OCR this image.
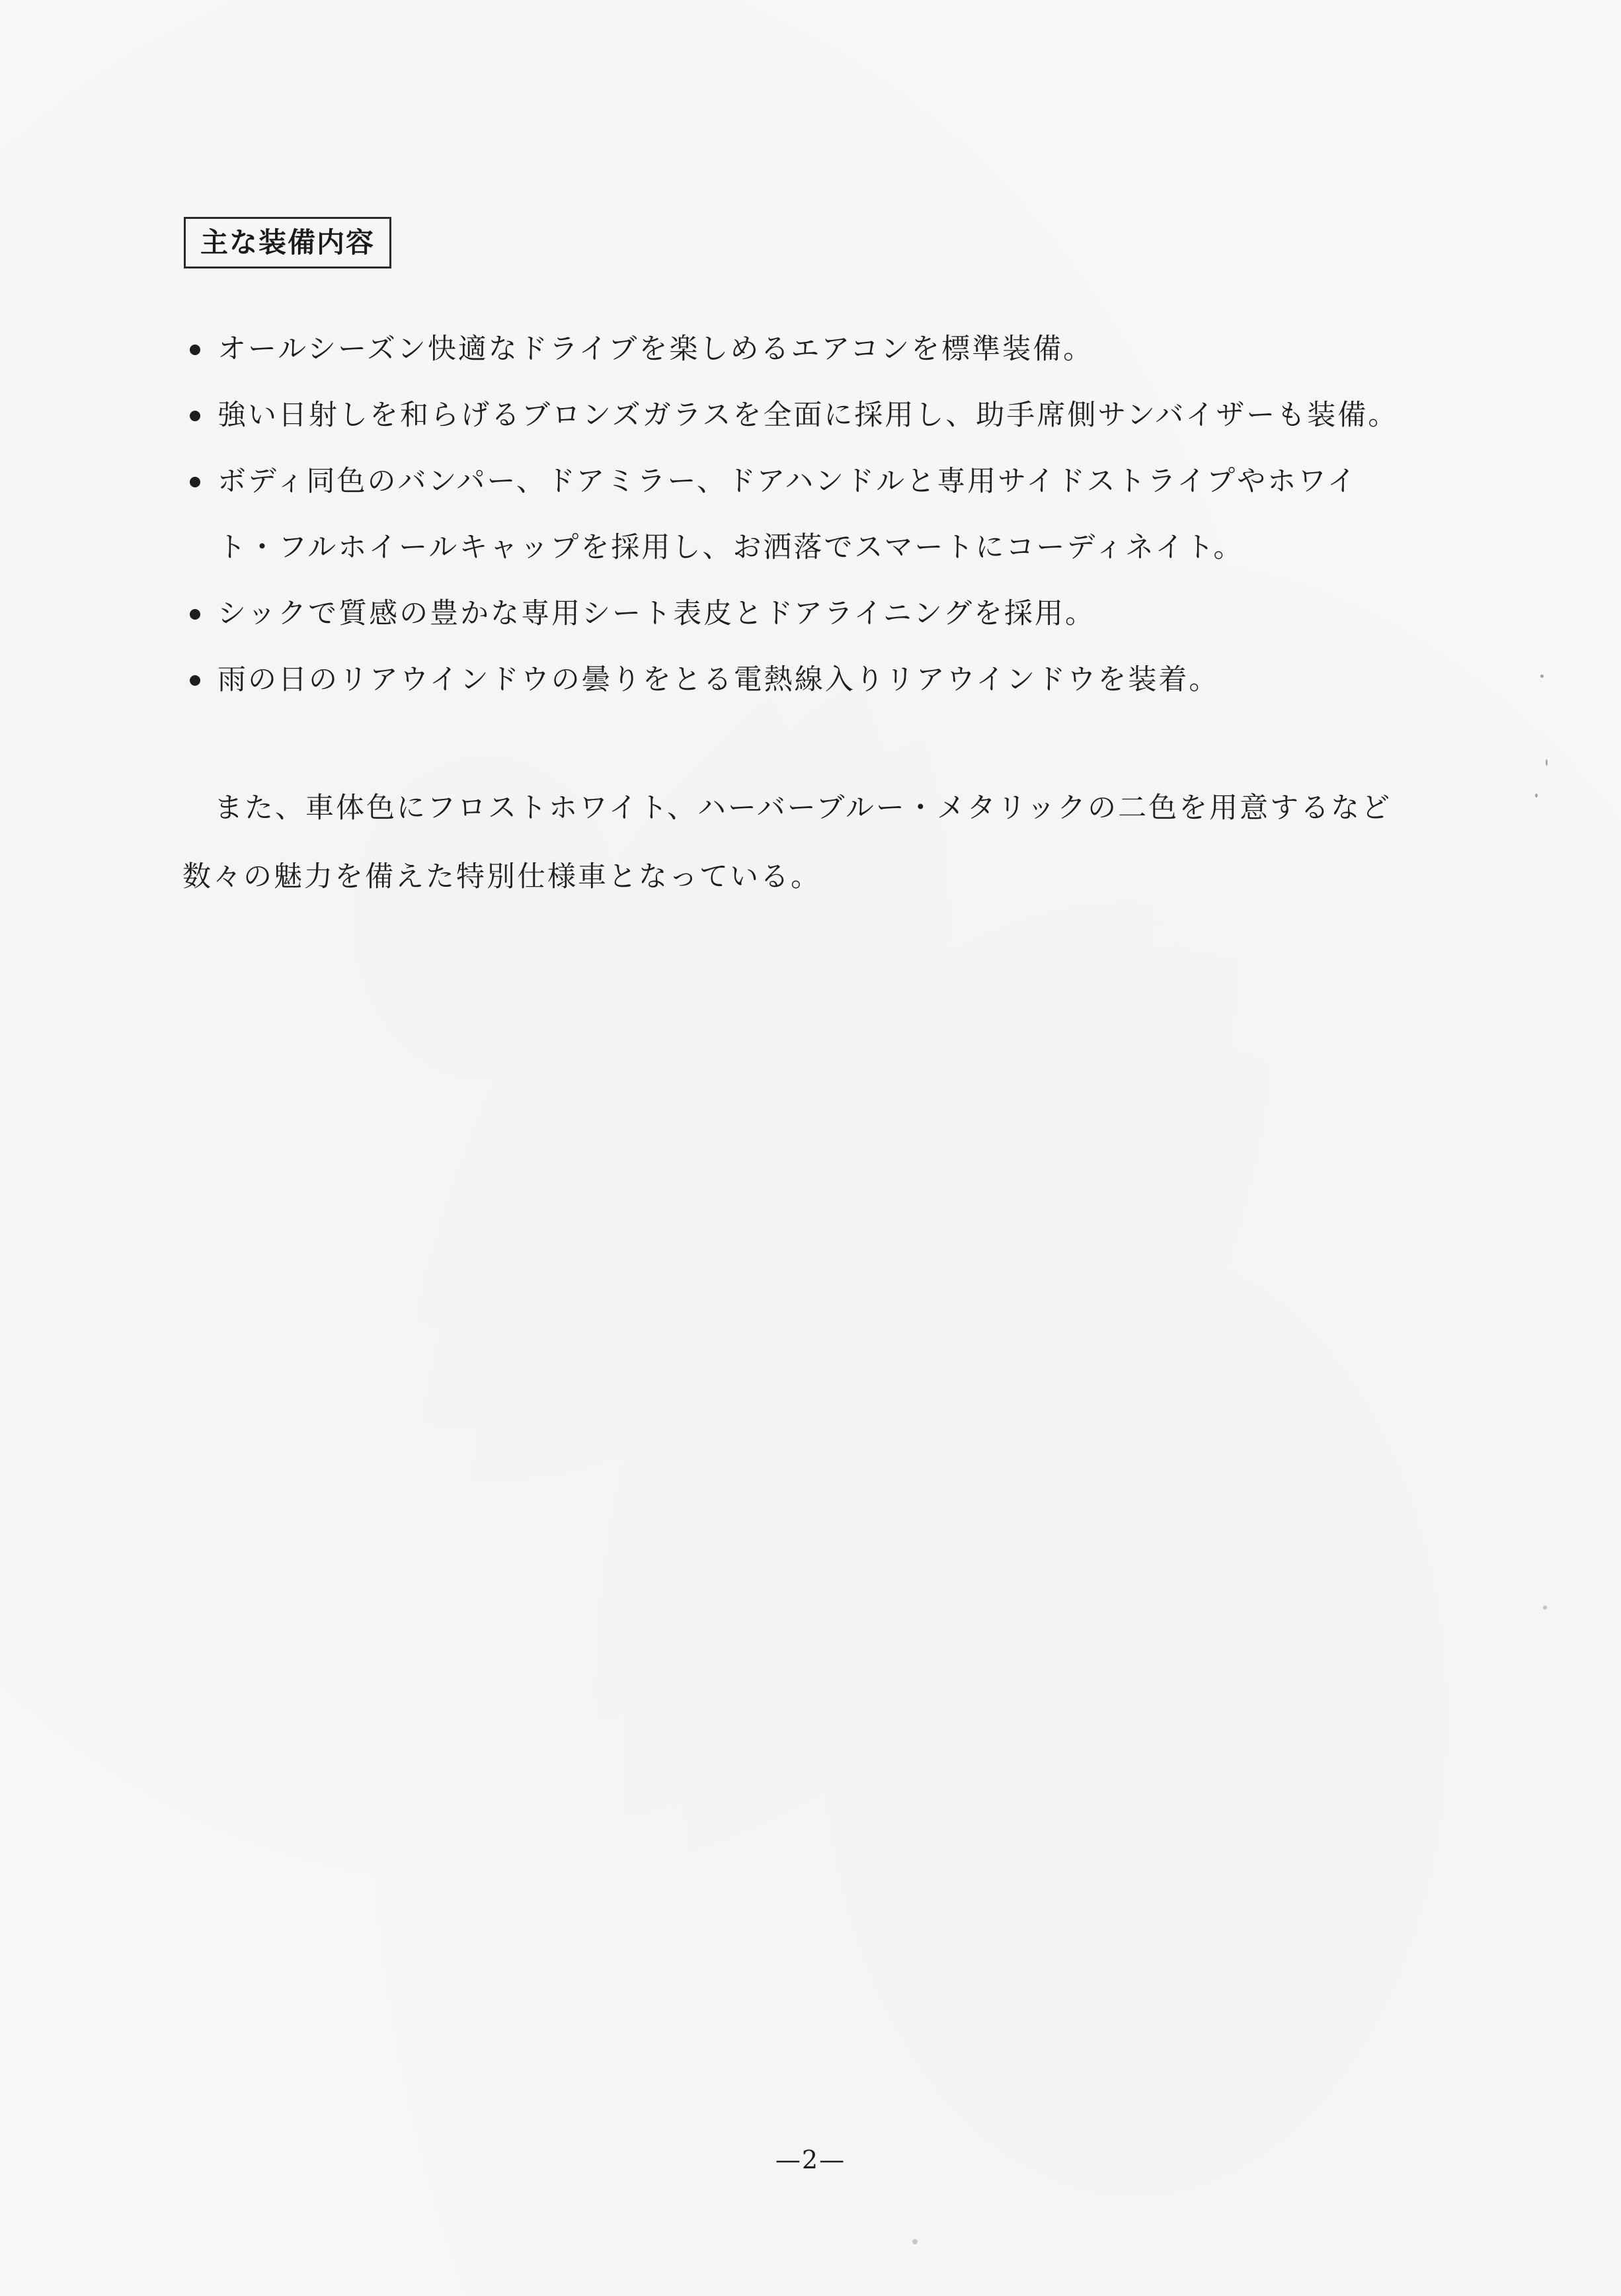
主な装備内容
オールシーズン快適なドライブを楽しめるエアコンを標準装備。
強い日射しを和らげるブロンズガラスを全面に採用し、助手席側サンバイザーも装備。
ボディ同色のバンパー、ドアミラー、ドアハンドルと専用サイドストライプやホワイ
ト・フルホイールキャップを採用し、お洒落でスマートにコーディネイト。
シックで質感の豊かな専用シート表皮とドアライニングを採用。
雨の日のリアウインドウの曇りをとる電熱線入りリアウインドウを装着。
また、車体色にフロストホワイト、ハーバーブルー・メタリックの二色を用意するなど
数々の魅力を備えた特別仕様車となっている。
—2—
